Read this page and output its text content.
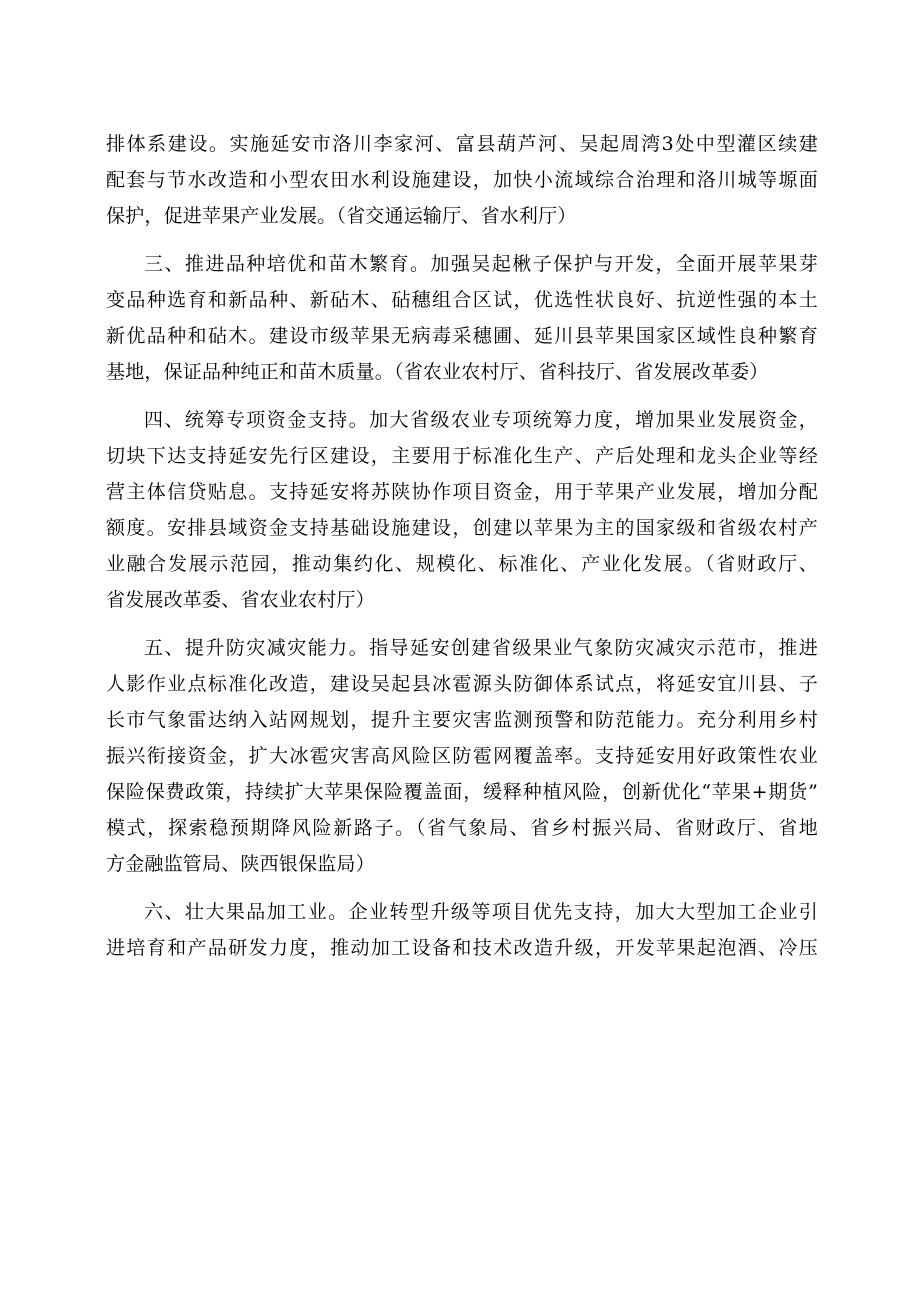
排体系建设。实施延安市洛川李家河、富县葫芦河、吴起周湾3处中型灌区续建
配套与节水改造和小型农田水利设施建设，加快小流域综合治理和洛川城等塬面
保护，促进苹果产业发展。（省交通运输厅、省水利厅）
三、推进品种培优和苗木繁育。加强吴起楸子保护与开发，全面开展苹果芽
变品种选育和新品种、新砧木、砧穗组合区试，优选性状良好、抗逆性强的本土
新优品种和砧木。建设市级苹果无病毒采穗圃、延川县苹果国家区域性良种繁育
基地，保证品种纯正和苗木质量。（省农业农村厅、省科技厅、省发展改革委）
四、统筹专项资金支持。加大省级农业专项统筹力度，增加果业发展资金，
切块下达支持延安先行区建设，主要用于标准化生产、产后处理和龙头企业等经
营主体信贷贴息。支持延安将苏陕协作项目资金，用于苹果产业发展，增加分配
额度。安排县域资金支持基础设施建设，创建以苹果为主的国家级和省级农村产
业融合发展示范园，推动集约化、规模化、标准化、产业化发展。（省财政厅、
省发展改革委、省农业农村厅）
五、提升防灾减灾能力。指导延安创建省级果业气象防灾减灾示范市，推进
人影作业点标准化改造，建设吴起县冰雹源头防御体系试点，将延安宜川县、子
长市气象雷达纳入站网规划，提升主要灾害监测预警和防范能力。充分利用乡村
振兴衔接资金，扩大冰雹灾害高风险区防雹网覆盖率。支持延安用好政策性农业
保险保费政策，持续扩大苹果保险覆盖面，缓释种植风险，创新优化“苹果+期货”
模式，探索稳预期降风险新路子。（省气象局、省乡村振兴局、省财政厅、省地
方金融监管局、陕西银保监局）
六、壮大果品加工业。企业转型升级等项目优先支持，加大大型加工企业引
进培育和产品研发力度，推动加工设备和技术改造升级，开发苹果起泡酒、冷压
